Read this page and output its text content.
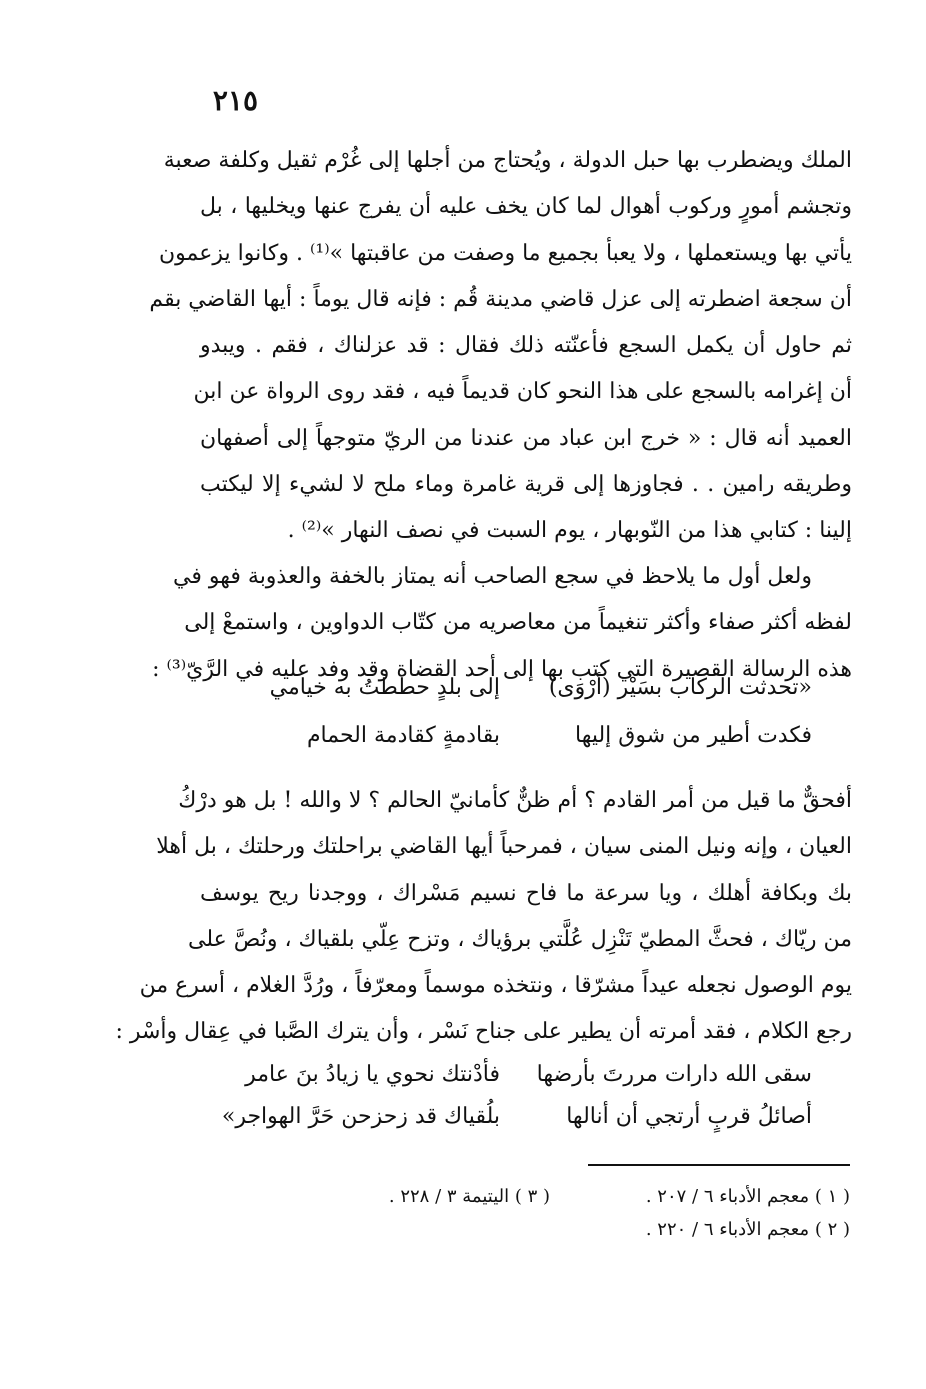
٢١٥
الملك ويضطرب بها حبل الدولة ، ويُحتاج من أجلها إلى غُرْم ثقيل وكلفة صعبة
وتجشم أمورٍ وركوب أهوال لما كان يخف عليه أن يفرج عنها ويخليها ، بل
يأتي بها ويستعملها ، ولا يعبأ بجميع ما وصفت من عاقبتها »⁽¹⁾ . وكانوا يزعمون
أن سجعة اضطرته إلى عزل قاضي مدينة قُم : فإنه قال يوماً : أيها القاضي بقم
ثم حاول أن يكمل السجع فأعنّته ذلك فقال : قد عزلناك ، فقم . ويبدو
أن إغرامه بالسجع على هذا النحو كان قديماً فيه ، فقد روى الرواة عن ابن
العميد أنه قال : « خرج ابن عباد من عندنا من الريّ متوجهاً إلى أصفهان
وطريقه رامين . . فجاوزها إلى قرية غامرة وماء ملح لا لشيء إلا ليكتب
إلينا : كتابي هذا من النّوبهار ، يوم السبت في نصف النهار »⁽²⁾ .
ولعل أول ما يلاحظ في سجع الصاحب أنه يمتاز بالخفة والعذوبة فهو في
لفظه أكثر صفاء وأكثر تنغيماً من معاصريه من كتّاب الدواوين ، واستمعْ إلى
هذه الرسالة القصيرة التي كتب بها إلى أحد القضاة وقد وفد عليه في الرَّيّ⁽³⁾ :
«تحدثت الركاب بسَيْر (أرْوَى)
إلى بلدٍ حططتُ به خيامي
فكدت أطير من شوق إليها
بقادمةٍ كقادمة الحمام
أفحقٌّ ما قيل من أمر القادم ؟ أم ظنٌّ كأمانيّ الحالم ؟ لا والله ! بل هو درْكُ
العيان ، وإنه ونيل المنى سيان ، فمرحباً أيها القاضي براحلتك ورحلتك ، بل أهلا
بك وبكافة أهلك ، ويا سرعة ما فاح نسيم مَسْراك ، ووجدنا ريح يوسف
من ريّاك ، فحثَّ المطيّ تَنْزِل عُلَّتي برؤياك ، وتزح عِلّي بلقياك ، ونُصَّ على
يوم الوصول نجعله عيداً مشرّقا ، ونتخذه موسماً ومعرّفاً ، ورُدَّ الغلام ، أسرع من
رجع الكلام ، فقد أمرته أن يطير على جناح نَسْر ، وأن يترك الصَّبا في عِقال وأسْر :
سقى الله دارات مررتَ بأرضها
فأدْنتك نحوي يا زيادُ بنَ عامر
أصائلُ قربٍ أرتجي أن أنالها
بلُقياك قد زحزحن حَرَّ الهواجر»
( ١ ) معجم الأدباء ٦ / ٢٠٧ .
( ٣ ) اليتيمة ٣ / ٢٢٨ .
( ٢ ) معجم الأدباء ٦ / ٢٢٠ .
